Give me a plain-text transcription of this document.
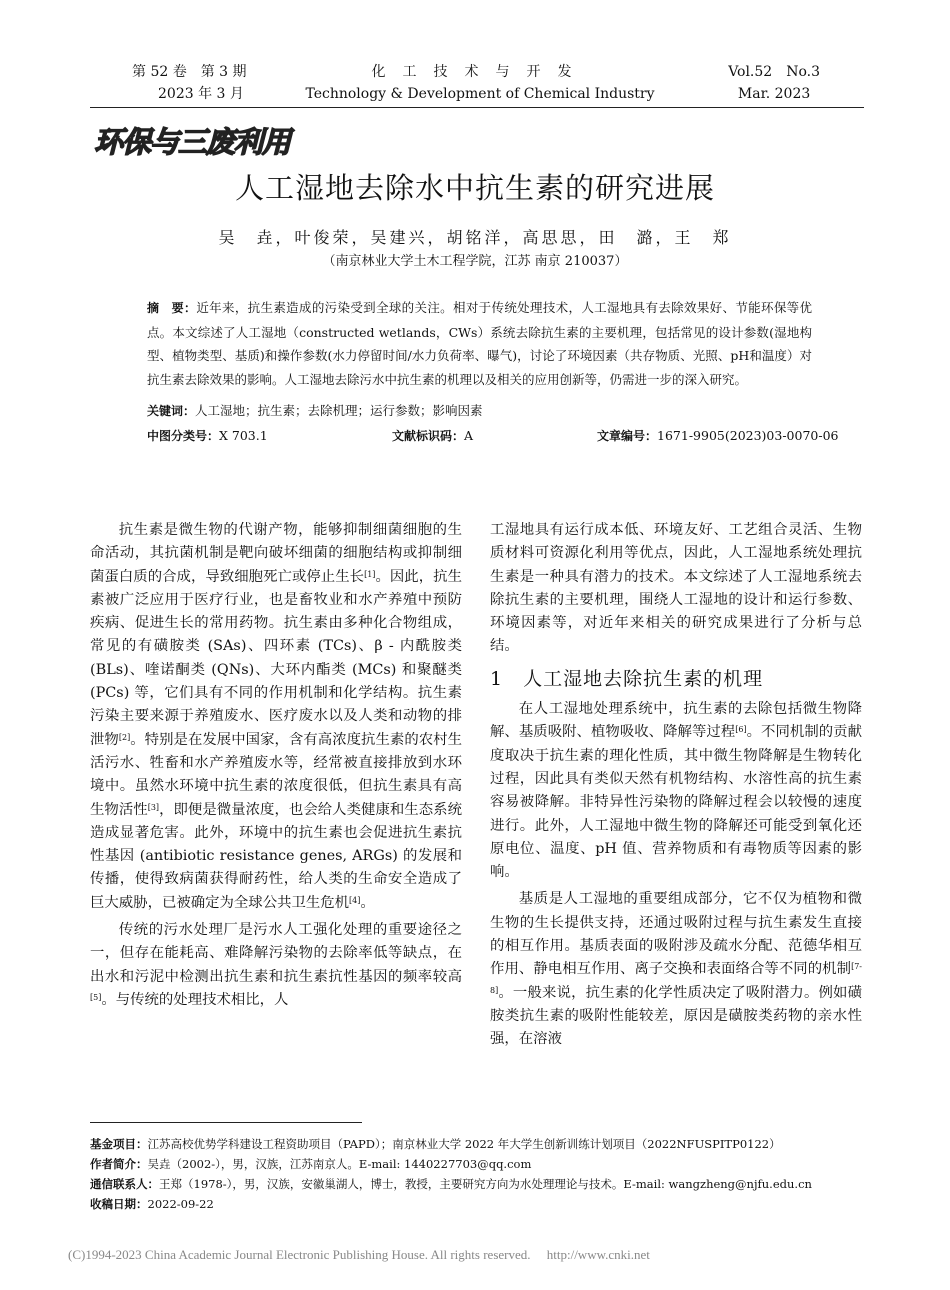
第 52 卷　第 3 期
2023 年 3 月
化工技术与开发
Technology & Development of Chemical Industry
Vol.52　No.3
Mar. 2023
环保与三废利用
人工湿地去除水中抗生素的研究进展
吴　垚，叶俊荣，吴建兴，胡铭洋，高思思，田　潞，王　郑
（南京林业大学土木工程学院，江苏 南京 210037）
摘　要：近年来，抗生素造成的污染受到全球的关注。相对于传统处理技术，人工湿地具有去除效果好、节能环保等优点。本文综述了人工湿地（constructed wetlands，CWs）系统去除抗生素的主要机理，包括常见的设计参数(湿地构型、植物类型、基质)和操作参数(水力停留时间/水力负荷率、曝气)，讨论了环境因素（共存物质、光照、pH和温度）对抗生素去除效果的影响。人工湿地去除污水中抗生素的机理以及相关的应用创新等，仍需进一步的深入研究。
关键词：人工湿地；抗生素；去除机理；运行参数；影响因素
中图分类号：X 703.1	文献标识码：A	文章编号：1671-9905(2023)03-0070-06

抗生素是微生物的代谢产物，能够抑制细菌细胞的生命活动，其抗菌机制是靶向破坏细菌的细胞结构或抑制细菌蛋白质的合成，导致细胞死亡或停止生长[1]。因此，抗生素被广泛应用于医疗行业，也是畜牧业和水产养殖中预防疾病、促进生长的常用药物。抗生素由多种化合物组成，常见的有磺胺类 (SAs)、四环素 (TCs)、β - 内酰胺类 (BLs)、喹诺酮类 (QNs)、大环内酯类 (MCs) 和聚醚类 (PCs) 等，它们具有不同的作用机制和化学结构。抗生素污染主要来源于养殖废水、医疗废水以及人类和动物的排泄物[2]。特别是在发展中国家，含有高浓度抗生素的农村生活污水、牲畜和水产养殖废水等，经常被直接排放到水环境中。虽然水环境中抗生素的浓度很低，但抗生素具有高生物活性[3]，即便是微量浓度，也会给人类健康和生态系统造成显著危害。此外，环境中的抗生素也会促进抗生素抗性基因 (antibiotic resistance genes, ARGs) 的发展和传播，使得致病菌获得耐药性，给人类的生命安全造成了巨大威胁，已被确定为全球公共卫生危机[4]。

传统的污水处理厂是污水人工强化处理的重要途径之一，但存在能耗高、难降解污染物的去除率低等缺点，在出水和污泥中检测出抗生素和抗生素抗性基因的频率较高[5]。与传统的处理技术相比，人

工湿地具有运行成本低、环境友好、工艺组合灵活、生物质材料可资源化利用等优点，因此，人工湿地系统处理抗生素是一种具有潜力的技术。本文综述了人工湿地系统去除抗生素的主要机理，围绕人工湿地的设计和运行参数、环境因素等，对近年来相关的研究成果进行了分析与总结。

1　人工湿地去除抗生素的机理

在人工湿地处理系统中，抗生素的去除包括微生物降解、基质吸附、植物吸收、降解等过程[6]。不同机制的贡献度取决于抗生素的理化性质，其中微生物降解是生物转化过程，因此具有类似天然有机物结构、水溶性高的抗生素容易被降解。非特异性污染物的降解过程会以较慢的速度进行。此外，人工湿地中微生物的降解还可能受到氧化还原电位、温度、pH 值、营养物质和有毒物质等因素的影响。

基质是人工湿地的重要组成部分，它不仅为植物和微生物的生长提供支持，还通过吸附过程与抗生素发生直接的相互作用。基质表面的吸附涉及疏水分配、范德华相互作用、静电相互作用、离子交换和表面络合等不同的机制[7-8]。一般来说，抗生素的化学性质决定了吸附潜力。例如磺胺类抗生素的吸附性能较差，原因是磺胺类药物的亲水性强，在溶液

基金项目：江苏高校优势学科建设工程资助项目（PAPD）；南京林业大学 2022 年大学生创新训练计划项目（2022NFUSPITP0122）
作者简介：吴垚（2002-），男，汉族，江苏南京人。E-mail: 1440227703@qq.com
通信联系人：王郑（1978-），男，汉族，安徽巢湖人，博士，教授，主要研究方向为水处理理论与技术。E-mail: wangzheng@njfu.edu.cn
收稿日期：2022-09-22
(C)1994-2023 China Academic Journal Electronic Publishing House. All rights reserved.　 http://www.cnki.net
